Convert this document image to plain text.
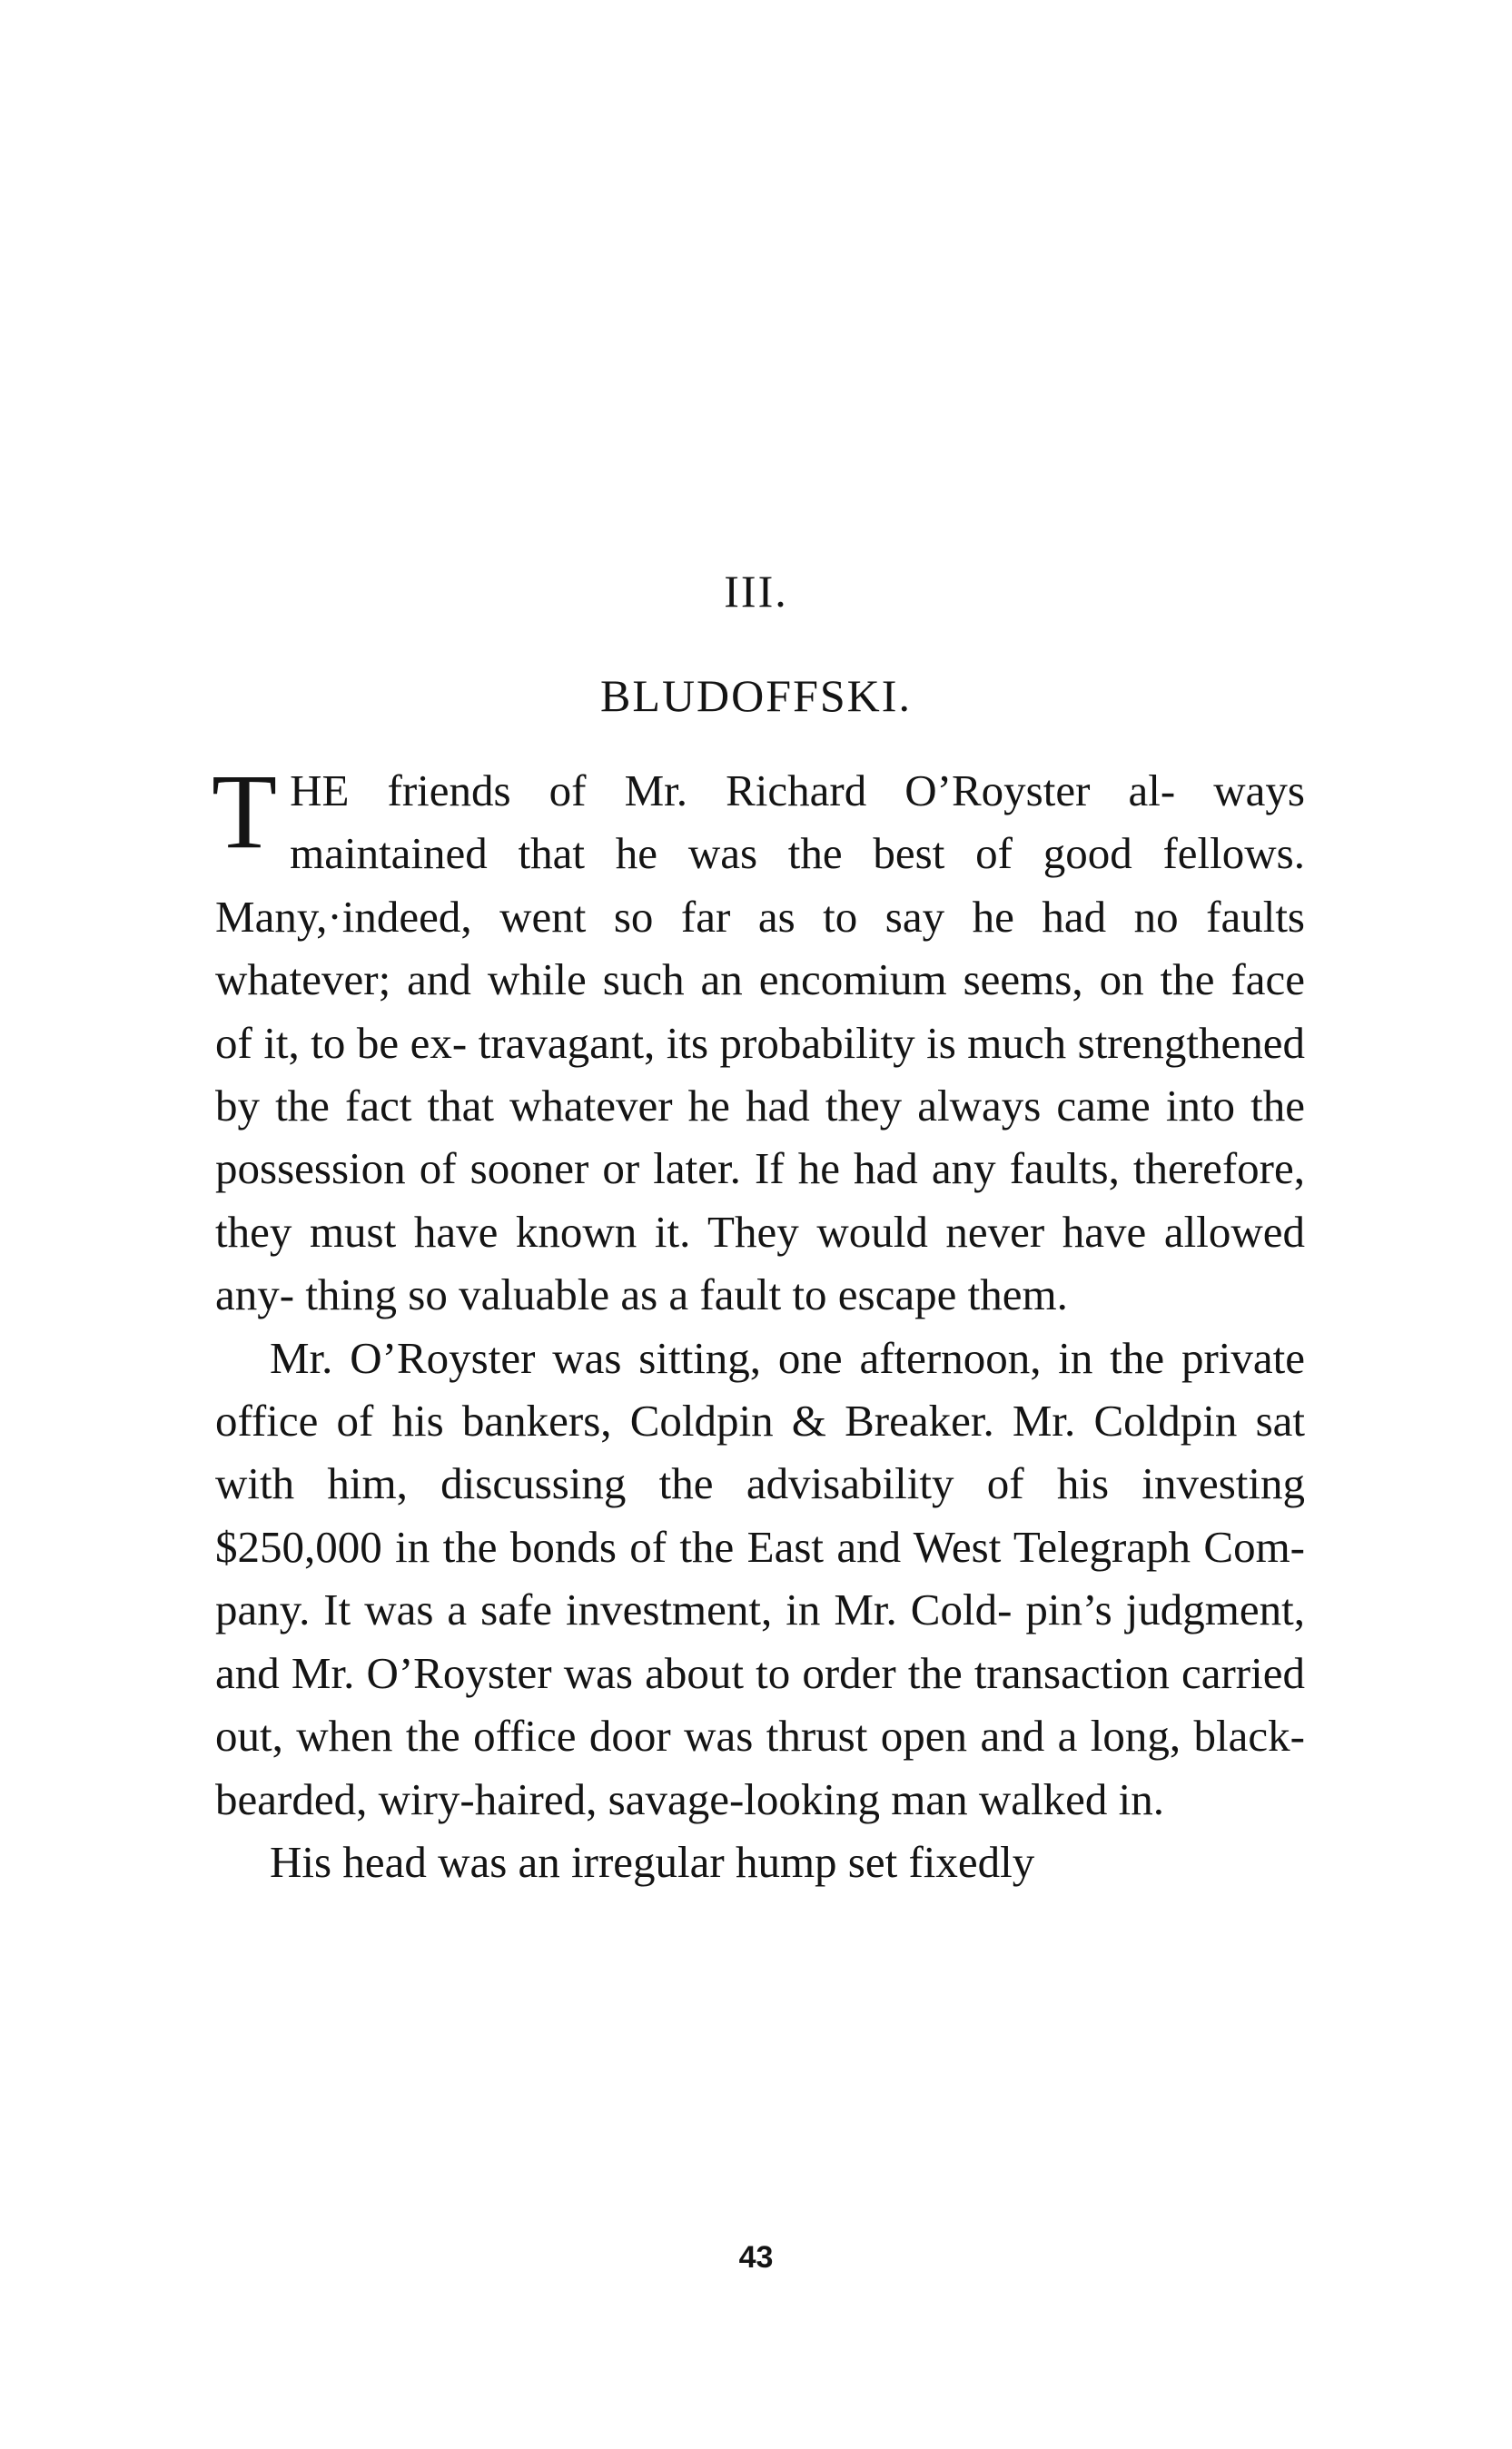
III.
BLUDOFFSKI.

THE friends of Mr. Richard O’Royster al- ways maintained that he was the best of good fellows. Many,·indeed, went so far as to say he had no faults whatever; and while such an encomium seems, on the face of it, to be ex- travagant, its probability is much strengthened by the fact that whatever he had they always came into the possession of sooner or later. If he had any faults, therefore, they must have known it. They would never have allowed any- thing so valuable as a fault to escape them.

Mr. O’Royster was sitting, one afternoon, in the private office of his bankers, Coldpin & Breaker. Mr. Coldpin sat with him, discussing the advisability of his investing $250,000 in the bonds of the East and West Telegraph Com- pany. It was a safe investment, in Mr. Cold- pin’s judgment, and Mr. O’Royster was about to order the transaction carried out, when the office door was thrust open and a long, black-bearded, wiry-haired, savage-looking man walked in.

His head was an irregular hump set fixedly

43
